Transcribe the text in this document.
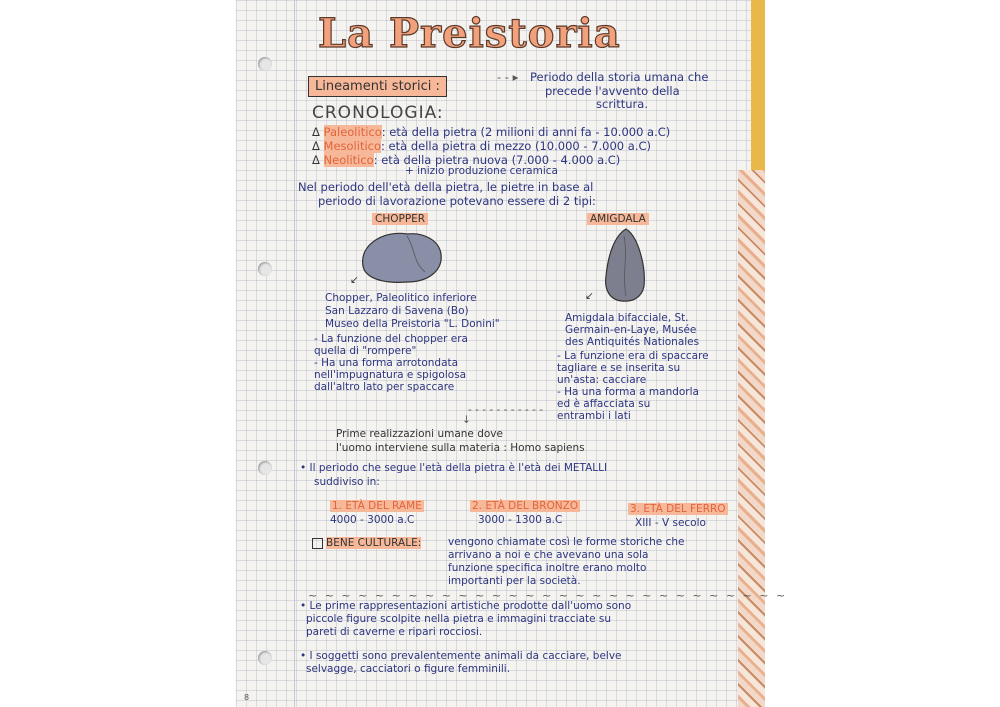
La Preistoria
Lineamenti storici :
- - ▸ Periodo della storia umana che
precede l'avvento della
scrittura.
CRONOLOGIA:
Δ Paleolitico: età della pietra (2 milioni di anni fa - 10.000 a.C)
Δ Mesolitico: età della pietra di mezzo (10.000 - 7.000 a.C)
Δ Neolitico: età della pietra nuova (7.000 - 4.000 a.C)
+ inizio produzione ceramica
Nel periodo dell'età della pietra, le pietre in base al
periodo di lavorazione potevano essere di 2 tipi:
CHOPPER	AMIGDALA
↙
↙
Chopper, Paleolitico inferiore
San Lazzaro di Savena (Bo)
Museo della Preistoria "L. Donini"
- La funzione del chopper era
quella di "rompere"
- Ha una forma arrotondata
nell'impugnatura e spigolosa
dall'altro lato per spaccare
Amigdala bifacciale, St.
Germain-en-Laye, Musée
des Antiquités Nationales
- La funzione era di spaccare
tagliare e se inserita su
un'asta: cacciare
- Ha una forma a mandorla
ed è affacciata su
entrambi i lati
- - - - - - - - - - -
↓
Prime realizzazioni umane dove
l'uomo interviene sulla materia : Homo sapiens
• Il periodo che segue l'età della pietra è l'età dei METALLI
suddiviso in:
1. ETÀ DEL RAME
4000 - 3000 a.C
2. ETÀ DEL BRONZO
3000 - 1300 a.C
3. ETÀ DEL FERRO
XIII - V secolo
BENE CULTURALE:	vengono chiamate così le forme storiche che
arrivano a noi e che avevano una sola
funzione specifica inoltre erano molto
importanti per la società.
~ ~ ~ ~ ~ ~ ~ ~ ~ ~ ~ ~ ~ ~ ~ ~ ~ ~ ~ ~ ~ ~ ~ ~ ~ ~ ~ ~ ~
• Le prime rappresentazioni artistiche prodotte dall'uomo sono
piccole figure scolpite nella pietra e immagini tracciate su
pareti di caverne e ripari rocciosi.
• I soggetti sono prevalentemente animali da cacciare, belve
selvagge, cacciatori o figure femminili.
8
